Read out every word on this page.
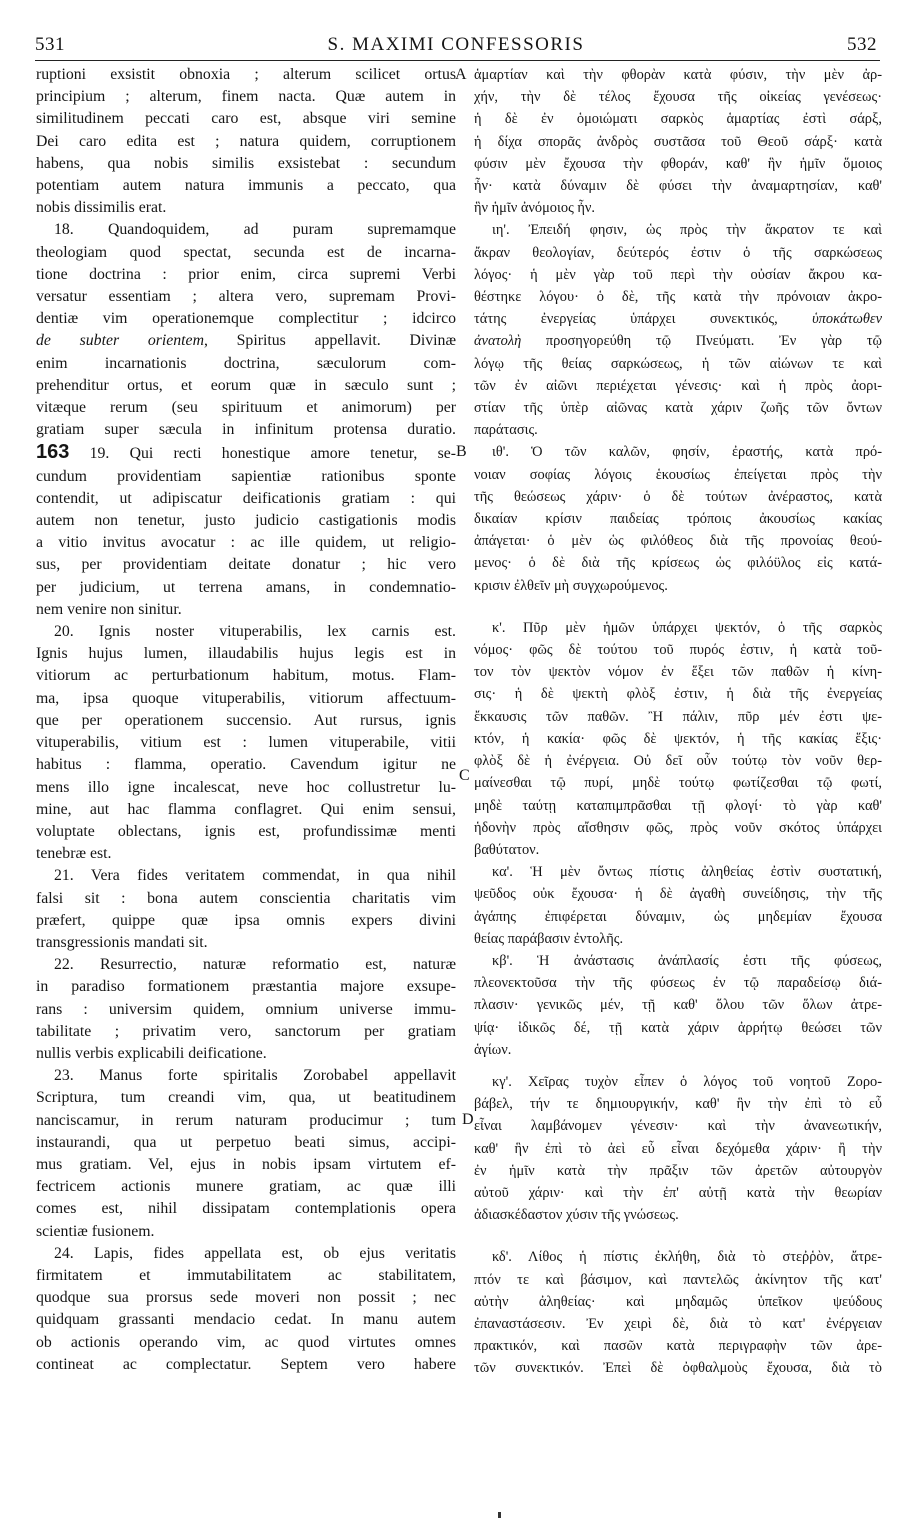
531	S. MAXIMI CONFESSORIS	532
A
B
C
D
ruptioni exsistit obnoxia ; alterum scilicet ortus
principium ; alterum, finem nacta. Quæ autem in
similitudinem peccati caro est, absque viri semine
Dei caro edita est ; natura quidem, corruptionem
habens, qua nobis similis exsistebat : secundum
potentiam autem natura immunis a peccato, qua
nobis dissimilis erat.
18. Quandoquidem, ad puram supremamque
theologiam quod spectat, secunda est de incarna-
tione doctrina : prior enim, circa supremi Verbi
versatur essentiam ; altera vero, supremam Provi-
dentiæ vim operationemque complectitur ; idcirco
de subter orientem, Spiritus appellavit. Divinæ
enim incarnationis doctrina, sæculorum com-
prehenditur ortus, et eorum quæ in sæculo sunt ;
vitæque rerum (seu spirituum et animorum) per
gratiam super sæcula in infinitum protensa duratio.
163 19. Qui recti honestique amore tenetur, se-
cundum providentiam sapientiæ rationibus sponte
contendit, ut adipiscatur deificationis gratiam : qui
autem non tenetur, justo judicio castigationis modis
a vitio invitus avocatur : ac ille quidem, ut religio-
sus, per providentiam deitate donatur ; hic vero
per judicium, ut terrena amans, in condemnatio-
nem venire non sinitur.
20. Ignis noster vituperabilis, lex carnis est.
Ignis hujus lumen, illaudabilis hujus legis est in
vitiorum ac perturbationum habitum, motus. Flam-
ma, ipsa quoque vituperabilis, vitiorum affectuum-
que per operationem succensio. Aut rursus, ignis
vituperabilis, vitium est : lumen vituperabile, vitii
habitus : flamma, operatio. Cavendum igitur ne
mens illo igne incalescat, neve hoc collustretur lu-
mine, aut hac flamma conflagret. Qui enim sensui,
voluptate oblectans, ignis est, profundissimæ menti
tenebræ est.
21. Vera fides veritatem commendat, in qua nihil
falsi sit : bona autem conscientia charitatis vim
præfert, quippe quæ ipsa omnis expers divini
transgressionis mandati sit.
22. Resurrectio, naturæ reformatio est, naturæ
in paradiso formationem præstantia majore exsupe-
rans : universim quidem, omnium universe immu-
tabilitate ; privatim vero, sanctorum per gratiam
nullis verbis explicabili deificatione.
23. Manus forte spiritalis Zorobabel appellavit
Scriptura, tum creandi vim, qua, ut beatitudinem
nanciscamur, in rerum naturam producimur ; tum
instaurandi, qua ut perpetuo beati simus, accipi-
mus gratiam. Vel, ejus in nobis ipsam virtutem ef-
fectricem actionis munere gratiam, ac quæ illi
comes est, nihil dissipatam contemplationis opera
scientiæ fusionem.
24. Lapis, fides appellata est, ob ejus veritatis
firmitatem et immutabilitatem ac stabilitatem,
quodque sua prorsus sede moveri non possit ; nec
quidquam grassanti mendacio cedat. In manu autem
ob actionis operando vim, ac quod virtutes omnes
contineat ac complectatur. Septem vero habere
ἁμαρτίαν καὶ τὴν φθορὰν κατὰ φύσιν, τὴν μὲν ἀρ-
χήν, τὴν δὲ τέλος ἔχουσα τῆς οἰκείας γενέσεως·
ἡ δὲ ἐν ὁμοιώματι σαρκὸς ἁμαρτίας ἐστὶ σάρξ,
ἡ δίχα σπορᾶς ἀνδρὸς συστᾶσα τοῦ Θεοῦ σάρξ· κατὰ
φύσιν μὲν ἔχουσα τὴν φθοράν, καθ' ἣν ἡμῖν ὅμοιος
ἦν· κατὰ δύναμιν δὲ φύσει τὴν ἀναμαρτησίαν, καθ'
ἣν ἡμῖν ἀνόμοιος ἦν.
ιη'. Ἐπειδή φησιν, ὡς πρὸς τὴν ἄκρατον τε καὶ
ἄκραν θεολογίαν, δεύτερός ἐστιν ὁ τῆς σαρκώσεως
λόγος· ἡ μὲν γὰρ τοῦ περὶ τὴν οὐσίαν ἄκρου κα-
θέστηκε λόγου· ὁ δὲ, τῆς κατὰ τὴν πρόνοιαν ἀκρο-
τάτης ἐνεργείας ὑπάρχει συνεκτικός, ὑποκάτωθεν
ἀνατολὴ προσηγορεύθη τῷ Πνεύματι. Ἐν γὰρ τῷ
λόγῳ τῆς θείας σαρκώσεως, ἡ τῶν αἰώνων τε καὶ
τῶν ἐν αἰῶνι περιέχεται γένεσις· καὶ ἡ πρὸς ἀορι-
στίαν τῆς ὑπὲρ αἰῶνας κατὰ χάριν ζωῆς τῶν ὄντων
παράτασις.
ιθ'. Ὁ τῶν καλῶν, φησίν, ἐραστής, κατὰ πρό-
νοιαν σοφίας λόγοις ἑκουσίως ἐπείγεται πρὸς τὴν
τῆς θεώσεως χάριν· ὁ δὲ τούτων ἀνέραστος, κατὰ
δικαίαν κρίσιν παιδείας τρόποις ἀκουσίως κακίας
ἀπάγεται· ὁ μὲν ὡς φιλόθεος διὰ τῆς προνοίας θεού-
μενος· ὁ δὲ διὰ τῆς κρίσεως ὡς φιλόϋλος εἰς κατά-
κρισιν ἐλθεῖν μὴ συγχωρούμενος.
κ'. Πῦρ μὲν ἡμῶν ὑπάρχει ψεκτόν, ὁ τῆς σαρκὸς
νόμος· φῶς δὲ τούτου τοῦ πυρός ἐστιν, ἡ κατὰ τοῦ-
τον τὸν ψεκτὸν νόμον ἐν ἕξει τῶν παθῶν ἡ κίνη-
σις· ἡ δὲ ψεκτὴ φλὸξ ἐστιν, ἡ διὰ τῆς ἐνεργείας
ἔκκαυσις τῶν παθῶν. Ἢ πάλιν, πῦρ μέν ἐστι ψε-
κτόν, ἡ κακία· φῶς δὲ ψεκτόν, ἡ τῆς κακίας ἕξις·
φλὸξ δὲ ἡ ἐνέργεια. Οὐ δεῖ οὖν τούτῳ τὸν νοῦν θερ-
μαίνεσθαι τῷ πυρί, μηδὲ τούτῳ φωτίζεσθαι τῷ φωτί,
μηδὲ ταύτῃ καταπιμπρᾶσθαι τῇ φλογί· τὸ γὰρ καθ'
ἡδονὴν πρὸς αἴσθησιν φῶς, πρὸς νοῦν σκότος ὑπάρχει
βαθύτατον.
κα'. Ἡ μὲν ὄντως πίστις ἀληθείας ἐστὶν συστατική,
ψεῦδος οὐκ ἔχουσα· ἡ δὲ ἀγαθὴ συνείδησις, τὴν τῆς
ἀγάπης ἐπιφέρεται δύναμιν, ὡς μηδεμίαν ἔχουσα
θείας παράβασιν ἐντολῆς.
κβ'. Ἡ ἀνάστασις ἀνάπλασίς ἐστι τῆς φύσεως,
πλεονεκτοῦσα τὴν τῆς φύσεως ἐν τῷ παραδείσῳ διά-
πλασιν· γενικῶς μέν, τῇ καθ' ὅλου τῶν ὅλων ἀτρε-
ψίᾳ· ἰδικῶς δέ, τῇ κατὰ χάριν ἀρρήτῳ θεώσει τῶν
ἁγίων.
κγ'. Χεῖρας τυχὸν εἶπεν ὁ λόγος τοῦ νοητοῦ Ζορο-
βάβελ, τήν τε δημιουργικήν, καθ' ἣν τὴν ἐπὶ τὸ εὖ
εἶναι λαμβάνομεν γένεσιν· καὶ τὴν ἀνανεωτικήν,
καθ' ἣν ἐπὶ τὸ ἀεὶ εὖ εἶναι δεχόμεθα χάριν· ἢ τὴν
ἐν ἡμῖν κατὰ τὴν πρᾶξιν τῶν ἀρετῶν αὐτουργὸν
αὐτοῦ χάριν· καὶ τὴν ἐπ' αὐτῇ κατὰ τὴν θεωρίαν
ἀδιασκέδαστον χύσιν τῆς γνώσεως.
κδ'. Λίθος ἡ πίστις ἐκλήθη, διὰ τὸ στεῤῥὸν, ἄτρε-
πτόν τε καὶ βάσιμον, καὶ παντελῶς ἀκίνητον τῆς κατ'
αὐτὴν ἀληθείας· καὶ μηδαμῶς ὑπεῖκον ψεύδους
ἐπαναστάσεσιν. Ἐν χειρὶ δὲ, διὰ τὸ κατ' ἐνέργειαν
πρακτικόν, καὶ πασῶν κατὰ περιγραφὴν τῶν ἀρε-
τῶν συνεκτικόν. Ἐπεὶ δὲ ὀφθαλμοὺς ἔχουσα, διὰ τὸ
